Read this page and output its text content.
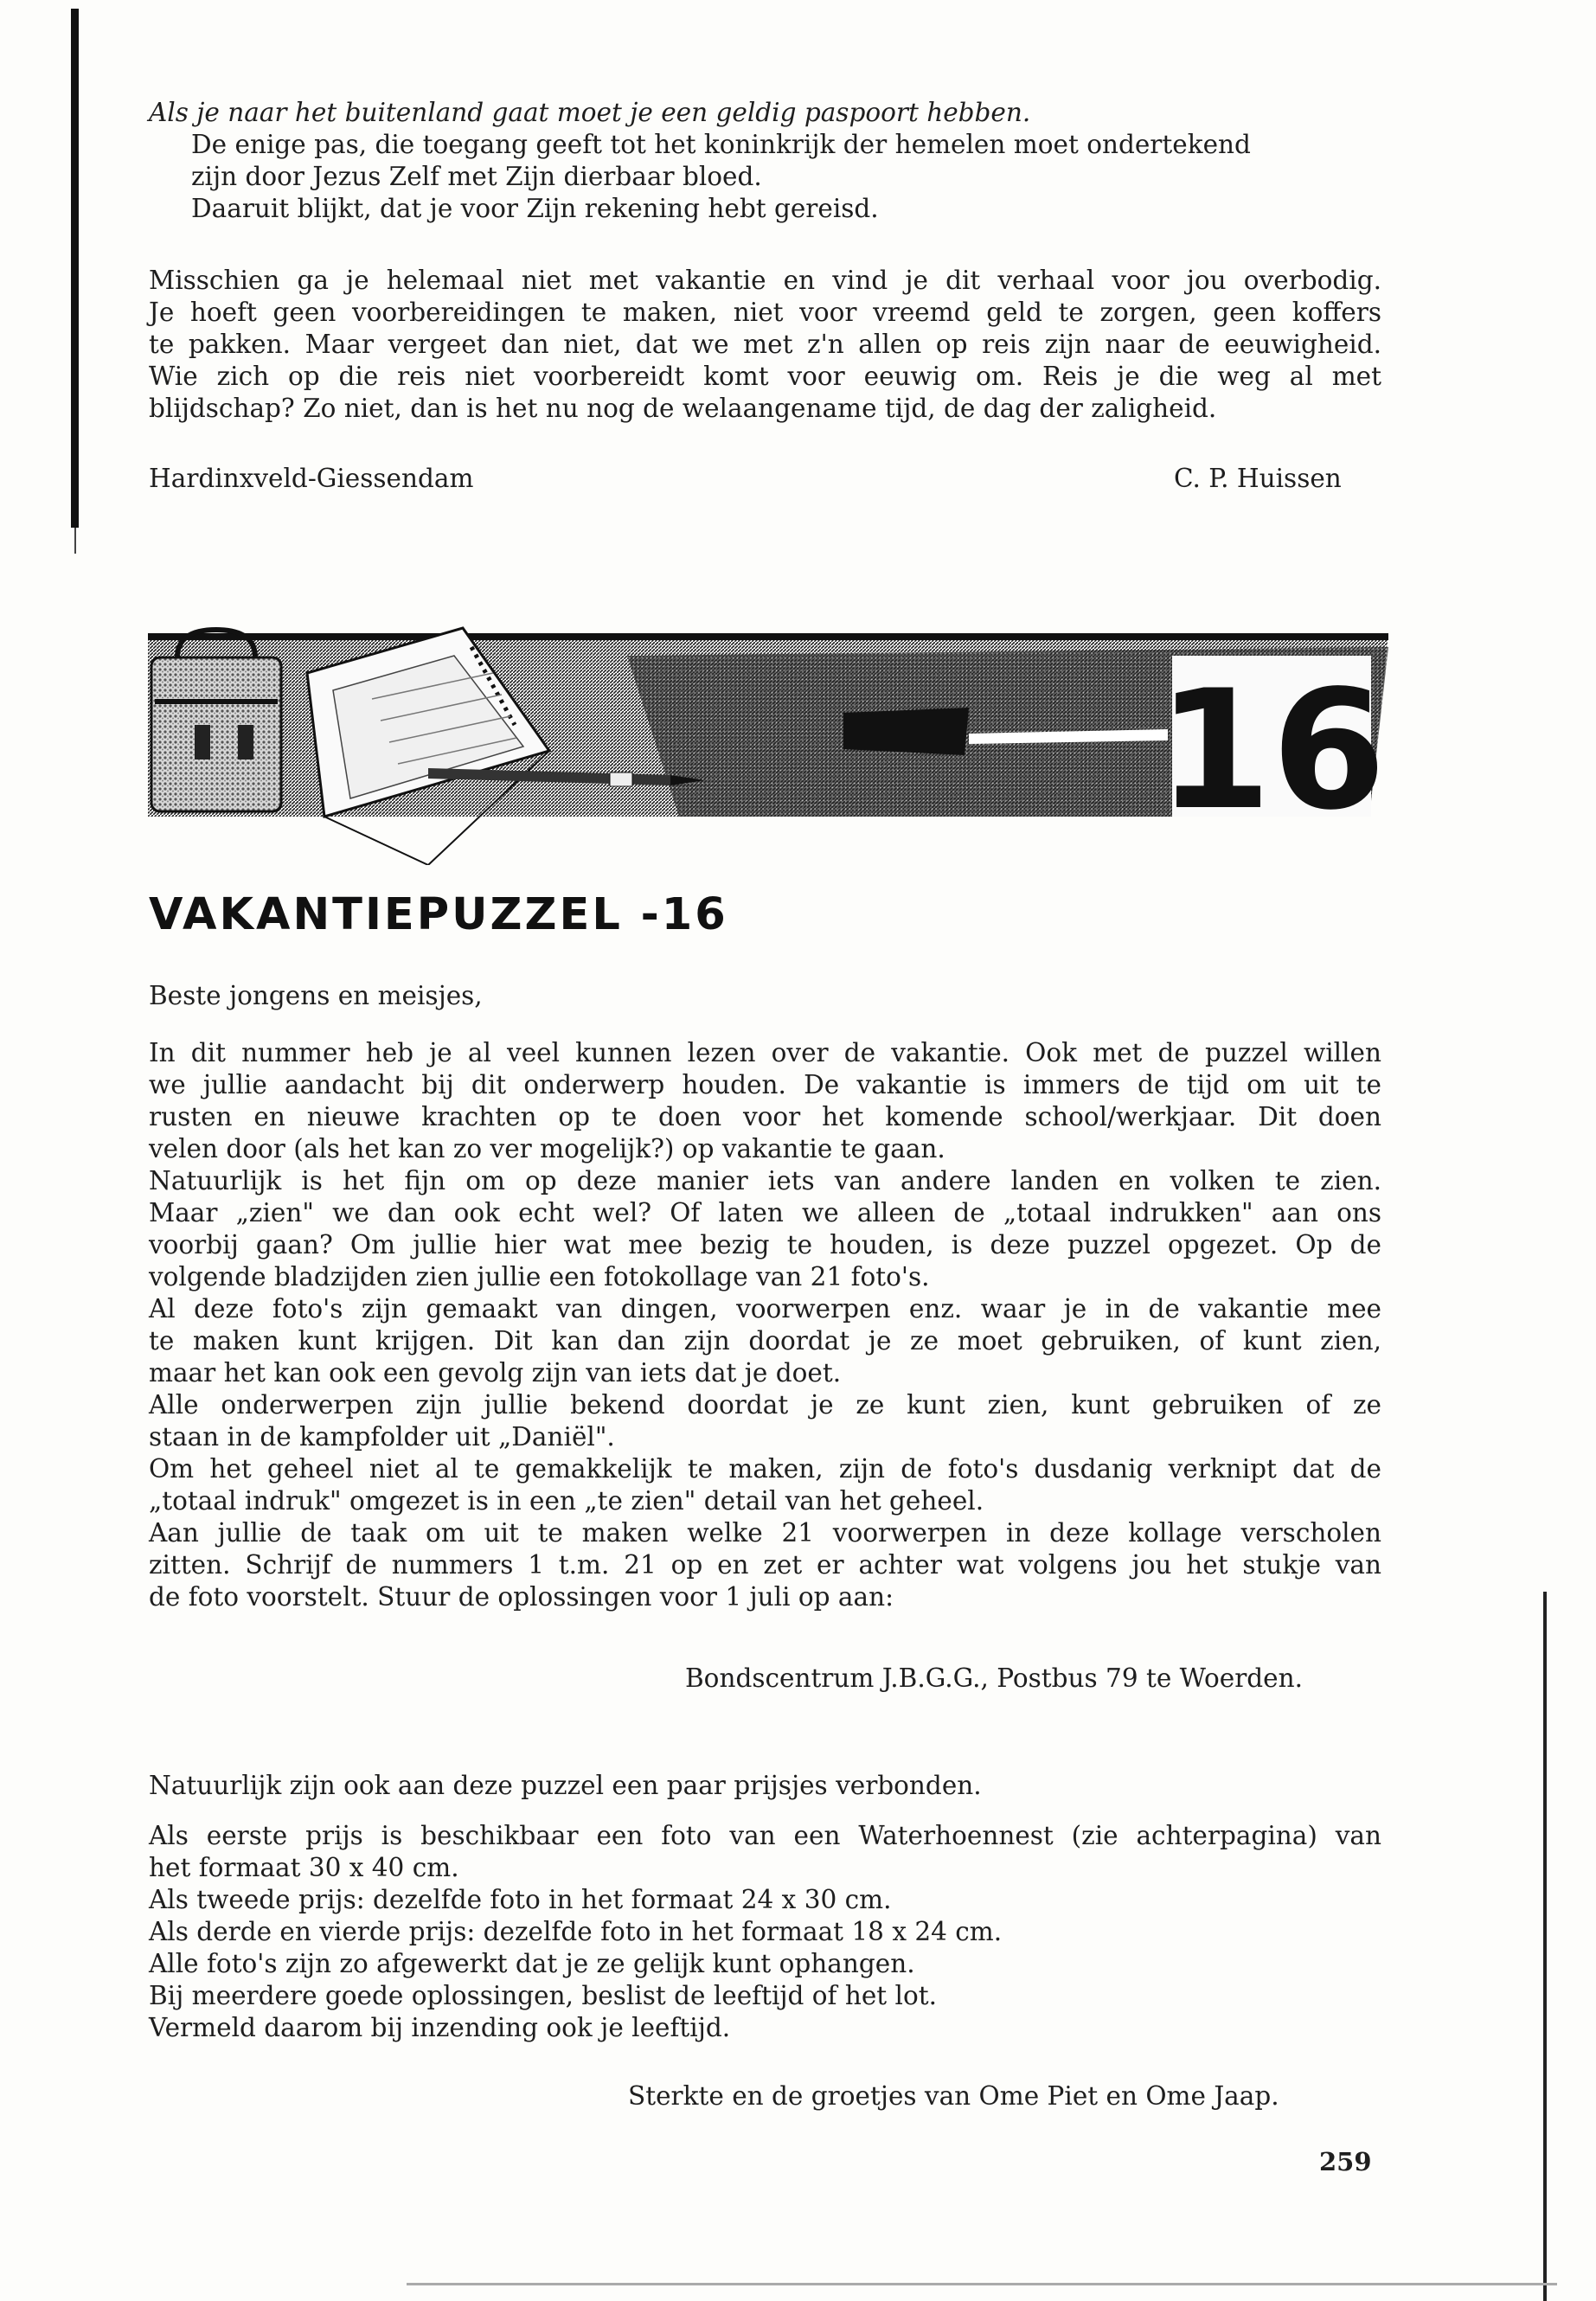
Als je naar het buitenland gaat moet je een geldig paspoort hebben.
De enige pas, die toegang geeft tot het koninkrijk der hemelen moet ondertekend
zijn door Jezus Zelf met Zijn dierbaar bloed.
Daaruit blijkt, dat je voor Zijn rekening hebt gereisd.
Misschien ga je helemaal niet met vakantie en vind je dit verhaal voor jou overbodig.
Je hoeft geen voorbereidingen te maken, niet voor vreemd geld te zorgen, geen koffers
te pakken. Maar vergeet dan niet, dat we met z'n allen op reis zijn naar de eeuwigheid.
Wie zich op die reis niet voorbereidt komt voor eeuwig om. Reis je die weg al met
blijdschap? Zo niet, dan is het nu nog de welaangename tijd, de dag der zaligheid.
Hardinxveld-Giessendam	C. P. Huissen
16
VAKANTIEPUZZEL -16
Beste jongens en meisjes,
In dit nummer heb je al veel kunnen lezen over de vakantie. Ook met de puzzel willen
we jullie aandacht bij dit onderwerp houden. De vakantie is immers de tijd om uit te
rusten en nieuwe krachten op te doen voor het komende school/werkjaar. Dit doen
velen door (als het kan zo ver mogelijk?) op vakantie te gaan.
Natuurlijk is het fijn om op deze manier iets van andere landen en volken te zien.
Maar „zien" we dan ook echt wel? Of laten we alleen de „totaal indrukken" aan ons
voorbij gaan? Om jullie hier wat mee bezig te houden, is deze puzzel opgezet. Op de
volgende bladzijden zien jullie een fotokollage van 21 foto's.
Al deze foto's zijn gemaakt van dingen, voorwerpen enz. waar je in de vakantie mee
te maken kunt krijgen. Dit kan dan zijn doordat je ze moet gebruiken, of kunt zien,
maar het kan ook een gevolg zijn van iets dat je doet.
Alle onderwerpen zijn jullie bekend doordat je ze kunt zien, kunt gebruiken of ze
staan in de kampfolder uit „Daniël".
Om het geheel niet al te gemakkelijk te maken, zijn de foto's dusdanig verknipt dat de
„totaal indruk" omgezet is in een „te zien" detail van het geheel.
Aan jullie de taak om uit te maken welke 21 voorwerpen in deze kollage verscholen
zitten. Schrijf de nummers 1 t.m. 21 op en zet er achter wat volgens jou het stukje van
de foto voorstelt. Stuur de oplossingen voor 1 juli op aan:
Bondscentrum J.B.G.G., Postbus 79 te Woerden.
Natuurlijk zijn ook aan deze puzzel een paar prijsjes verbonden.
Als eerste prijs is beschikbaar een foto van een Waterhoennest (zie achterpagina) van
het formaat 30 x 40 cm.
Als tweede prijs: dezelfde foto in het formaat 24 x 30 cm.
Als derde en vierde prijs: dezelfde foto in het formaat 18 x 24 cm.
Alle foto's zijn zo afgewerkt dat je ze gelijk kunt ophangen.
Bij meerdere goede oplossingen, beslist de leeftijd of het lot.
Vermeld daarom bij inzending ook je leeftijd.
Sterkte en de groetjes van Ome Piet en Ome Jaap.
259
